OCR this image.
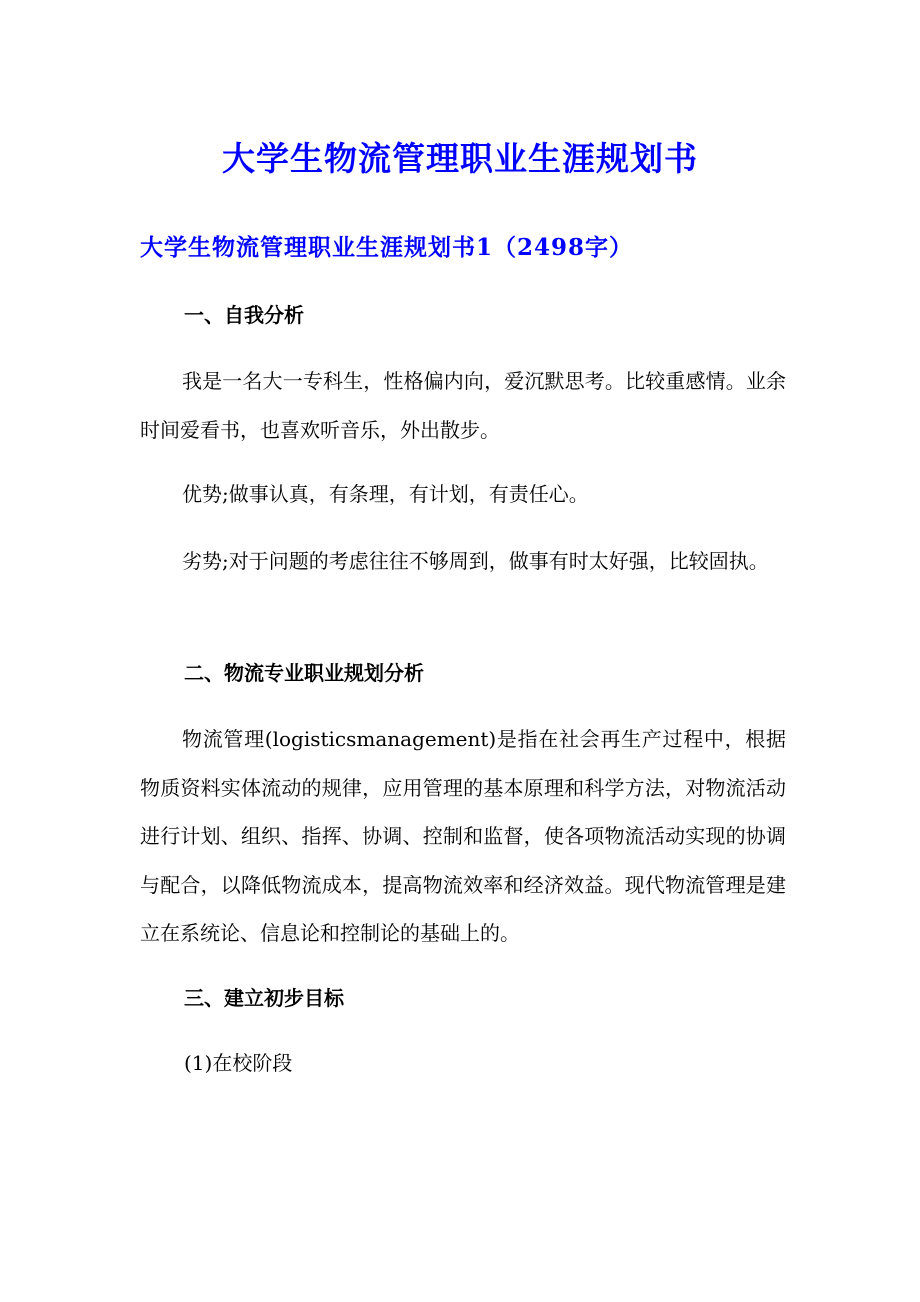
大学生物流管理职业生涯规划书
大学生物流管理职业生涯规划书1（2498字）
一、自我分析

我是一名大一专科生，性格偏内向，爱沉默思考。比较重感情。业余时间爱看书，也喜欢听音乐，外出散步。

优势;做事认真，有条理，有计划，有责任心。

劣势;对于问题的考虑往往不够周到，做事有时太好强，比较固执。

二、物流专业职业规划分析

物流管理(logisticsmanagement)是指在社会再生产过程中，根据物质资料实体流动的规律，应用管理的基本原理和科学方法，对物流活动进行计划、组织、指挥、协调、控制和监督，使各项物流活动实现的协调与配合，以降低物流成本，提高物流效率和经济效益。现代物流管理是建立在系统论、信息论和控制论的基础上的。

三、建立初步目标

(1)在校阶段
